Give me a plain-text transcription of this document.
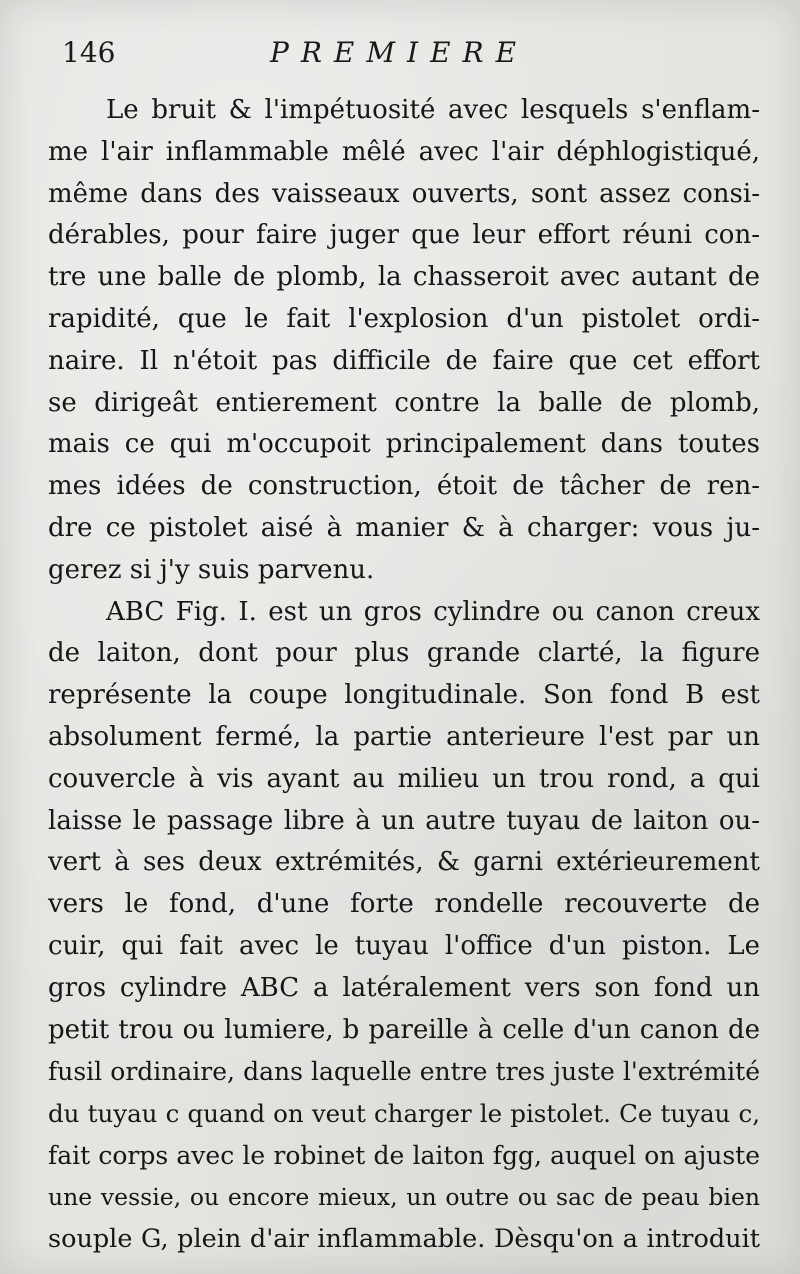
146	PREMIERE
Le bruit & l'impétuosité avec lesquels s'enflam-
me l'air inflammable mêlé avec l'air déphlogistiqué,
même dans des vaisseaux ouverts, sont assez consi-
dérables, pour faire juger que leur effort réuni con-
tre une balle de plomb, la chasseroit avec autant de
rapidité, que le fait l'explosion d'un pistolet ordi-
naire. Il n'étoit pas difficile de faire que cet effort
se dirigeât entierement contre la balle de plomb,
mais ce qui m'occupoit principalement dans toutes
mes idées de construction, étoit de tâcher de ren-
dre ce pistolet aisé à manier & à charger: vous ju-
gerez si j'y suis parvenu.
ABC Fig. I. est un gros cylindre ou canon creux
de laiton, dont pour plus grande clarté, la figure
représente la coupe longitudinale. Son fond B est
absolument fermé, la partie anterieure l'est par un
couvercle à vis ayant au milieu un trou rond, a qui
laisse le passage libre à un autre tuyau de laiton ou-
vert à ses deux extrémités, & garni extérieurement
vers le fond, d'une forte rondelle recouverte de
cuir, qui fait avec le tuyau l'office d'un piston. Le
gros cylindre ABC a latéralement vers son fond un
petit trou ou lumiere, b pareille à celle d'un canon de
fusil ordinaire, dans laquelle entre tres juste l'extrémité
du tuyau c quand on veut charger le pistolet. Ce tuyau c,
fait corps avec le robinet de laiton fgg, auquel on ajuste
une vessie, ou encore mieux, un outre ou sac de peau bien
souple G, plein d'air inflammable. Dèsqu'on a introduit
